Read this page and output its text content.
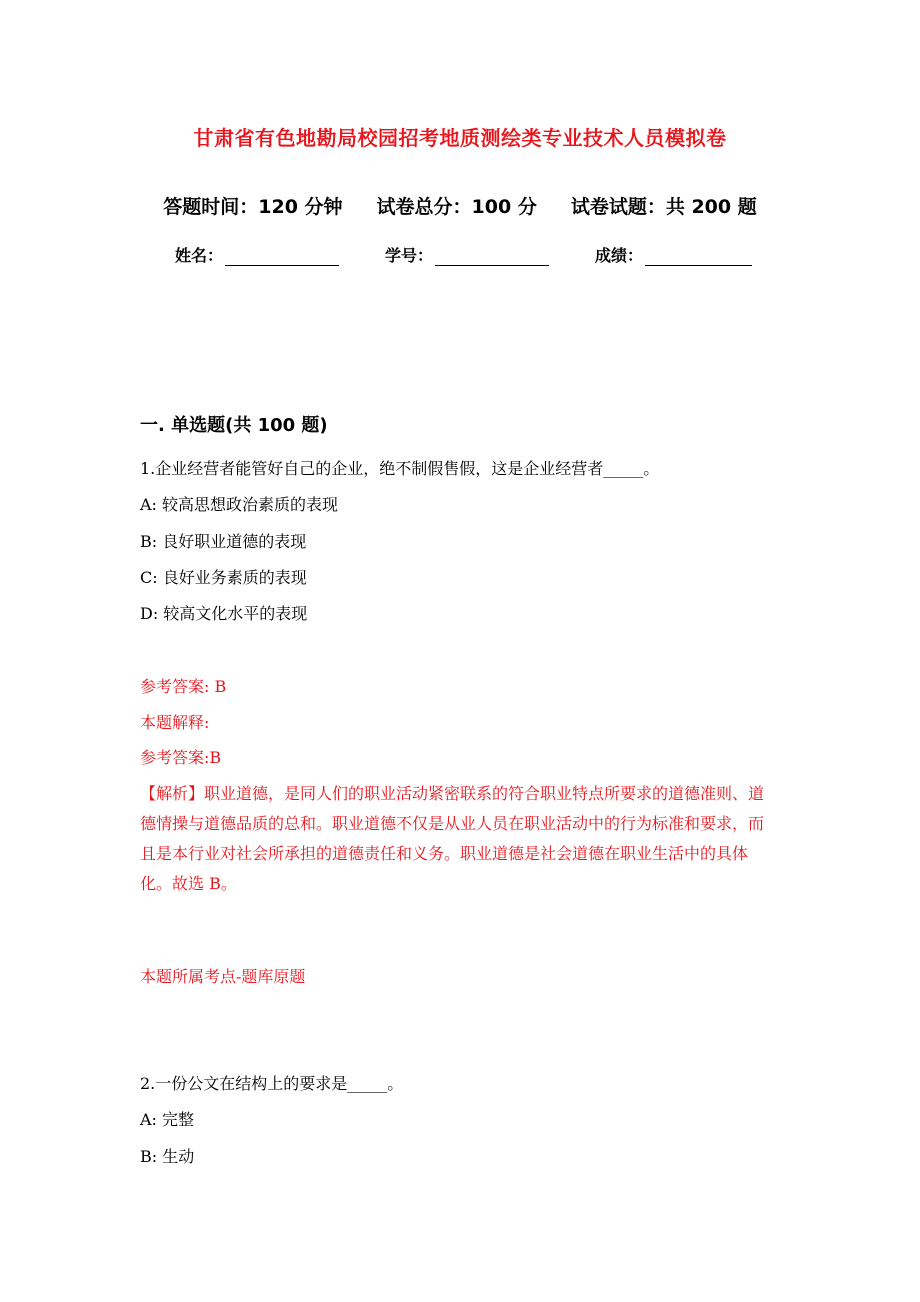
甘肃省有色地勘局校园招考地质测绘类专业技术人员模拟卷
答题时间：120 分钟 试卷总分：100 分 试卷试题：共 200 题
姓名：	学号：	成绩：
一. 单选题(共 100 题)
1.企业经营者能管好自己的企业，绝不制假售假，这是企业经营者_____。
A: 较高思想政治素质的表现
B: 良好职业道德的表现
C: 良好业务素质的表现
D: 较高文化水平的表现
参考答案: B
本题解释:
参考答案:B
【解析】职业道德，是同人们的职业活动紧密联系的符合职业特点所要求的道德准则、道德情操与道德品质的总和。职业道德不仅是从业人员在职业活动中的行为标准和要求，而且是本行业对社会所承担的道德责任和义务。职业道德是社会道德在职业生活中的具体化。故选 B。
本题所属考点-题库原题
2.一份公文在结构上的要求是_____。
A: 完整
B: 生动
